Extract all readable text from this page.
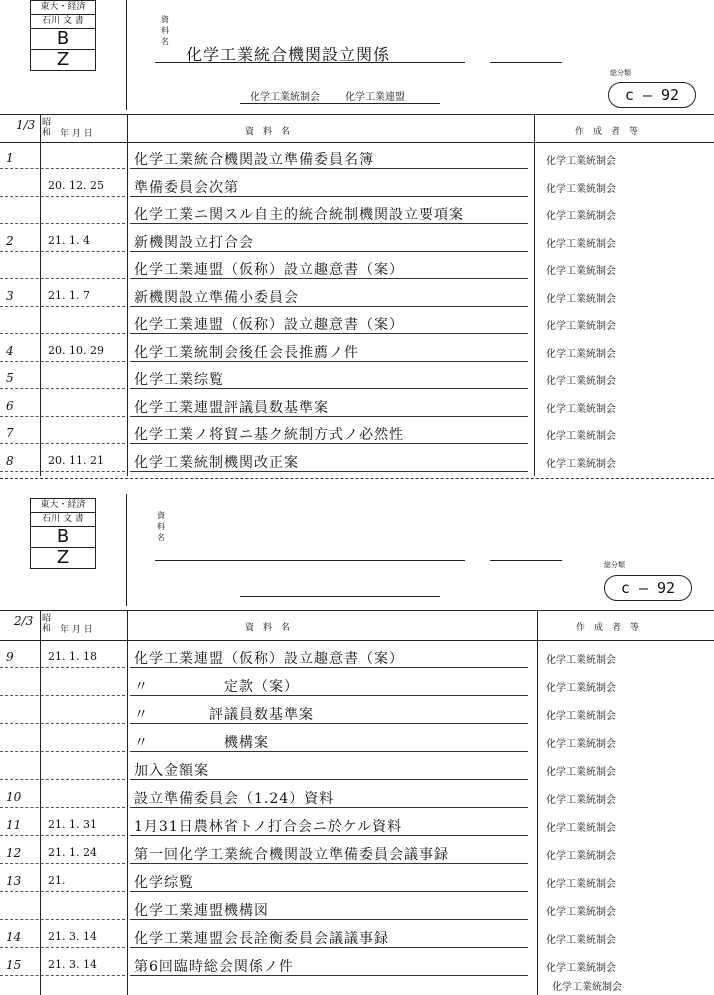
東大・経済
石川 文 書
B
Z
資料名
化学工業統合機関設立関係
化学工業統制会	化学工業連盟
総分類
c — 92
1/3 昭和 年 月 日	資　料　名	作　成　者　等
1	化学工業統合機関設立準備委員名簿	化学工業統制会
20. 12. 25	準備委員会次第	化学工業統制会
化学工業ニ関スル自主的統合統制機関設立要項案	化学工業統制会
2	21. 1. 4	新機関設立打合会	化学工業統制会
化学工業連盟（仮称）設立趣意書（案）	化学工業統制会
3	21. 1. 7	新機関設立準備小委員会	化学工業統制会
化学工業連盟（仮称）設立趣意書（案）	化学工業統制会
4	20. 10. 29	化学工業統制会後任会長推薦ノ件	化学工業統制会
5	化学工業综覧	化学工業統制会
6	化学工業連盟評議員数基準案	化学工業統制会
7	化学工業ノ将貿ニ基ク統制方式ノ必然性	化学工業統制会
8	20. 11. 21	化学工業統制機関改正案	化学工業統制会
東大・経済
石川 文 書
B
Z
資料名
総分類
c — 92
2/3 昭和 年 月 日	資　料　名	作　成　者　等
9	21. 1. 18	化学工業連盟（仮称）設立趣意書（案）	化学工業統制会
〃　　　　　定款（案）	化学工業統制会
〃　　　　評議員数基準案	化学工業統制会
〃　　　　　機構案	化学工業統制会
加入金額案	化学工業統制会
10	設立準備委員会（1.24）資料	化学工業統制会
11 21. 1. 31	1月31日農林省トノ打合会ニ於ケル資料	化学工業統制会
12 21. 1. 24	第一回化学工業統合機関設立準備委員会議事録	化学工業統制会
13 21.	化学综覧	化学工業統制会
化学工業連盟機構図	化学工業統制会
14 21. 3. 14	化学工業連盟会長詮衡委員会議議事録	化学工業統制会
15 21. 3. 14	第6回臨時総会関係ノ件	化学工業統制会
化学工業統制会
